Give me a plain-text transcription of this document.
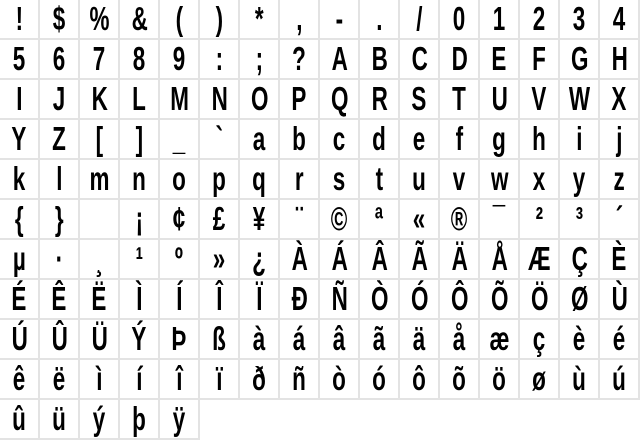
! $ % & ( ) * , - . / 0 1 2 3 4
5 6 7 8 9 : ; ? A B C D E F G H
I J K L M N O P Q R S T U V W X
Y Z [ ] _ ` a b c d e f g h i j
k l m n o p q r s t u v w x y z
{ } ¡ ¢ £ ¥ ¨ © ª « ® ¯ ² ³ ´
µ · ¸ ¹ º » ¿ À Á Â Ã Ä Å Æ Ç È
É Ê Ë Ì Í Î Ï Ð Ñ Ò Ó Ô Õ Ö Ø Ù
Ú Û Ü Ý Þ ß à á â ã ä å æ ç è é
ê ë ì í î ï ð ñ ò ó ô õ ö ø ù ú
û ü ý þ ÿ
